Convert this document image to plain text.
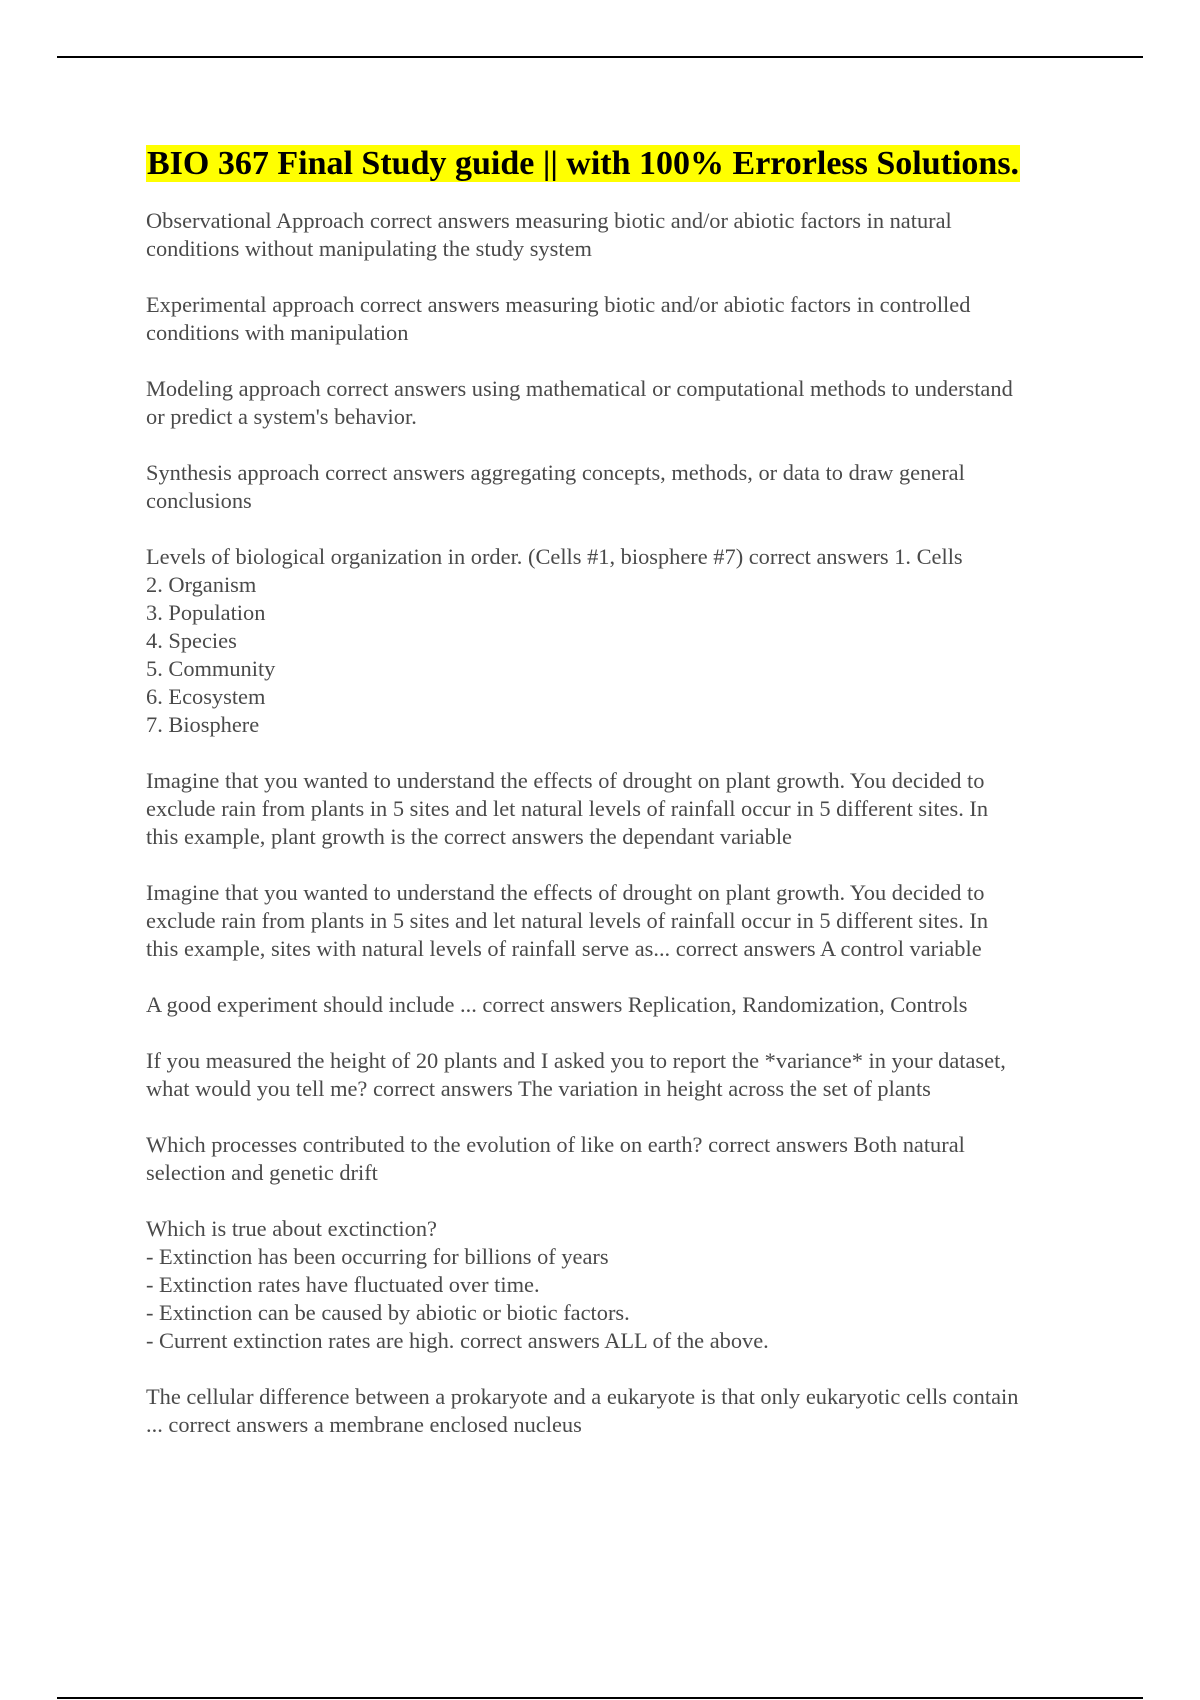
BIO 367 Final Study guide || with 100% Errorless Solutions.

Observational Approach correct answers measuring biotic and/or abiotic factors in natural
conditions without manipulating the study system

Experimental approach correct answers measuring biotic and/or abiotic factors in controlled
conditions with manipulation

Modeling approach correct answers using mathematical or computational methods to understand
or predict a system's behavior.

Synthesis approach correct answers aggregating concepts, methods, or data to draw general
conclusions

Levels of biological organization in order. (Cells #1, biosphere #7) correct answers 1. Cells
2. Organism
3. Population
4. Species
5. Community
6. Ecosystem
7. Biosphere

Imagine that you wanted to understand the effects of drought on plant growth. You decided to
exclude rain from plants in 5 sites and let natural levels of rainfall occur in 5 different sites. In
this example, plant growth is the correct answers the dependant variable

Imagine that you wanted to understand the effects of drought on plant growth. You decided to
exclude rain from plants in 5 sites and let natural levels of rainfall occur in 5 different sites. In
this example, sites with natural levels of rainfall serve as... correct answers A control variable

A good experiment should include ... correct answers Replication, Randomization, Controls

If you measured the height of 20 plants and I asked you to report the *variance* in your dataset,
what would you tell me? correct answers The variation in height across the set of plants

Which processes contributed to the evolution of like on earth? correct answers Both natural
selection and genetic drift

Which is true about exctinction?
- Extinction has been occurring for billions of years
- Extinction rates have fluctuated over time.
- Extinction can be caused by abiotic or biotic factors.
- Current extinction rates are high. correct answers ALL of the above.

The cellular difference between a prokaryote and a eukaryote is that only eukaryotic cells contain
... correct answers a membrane enclosed nucleus
